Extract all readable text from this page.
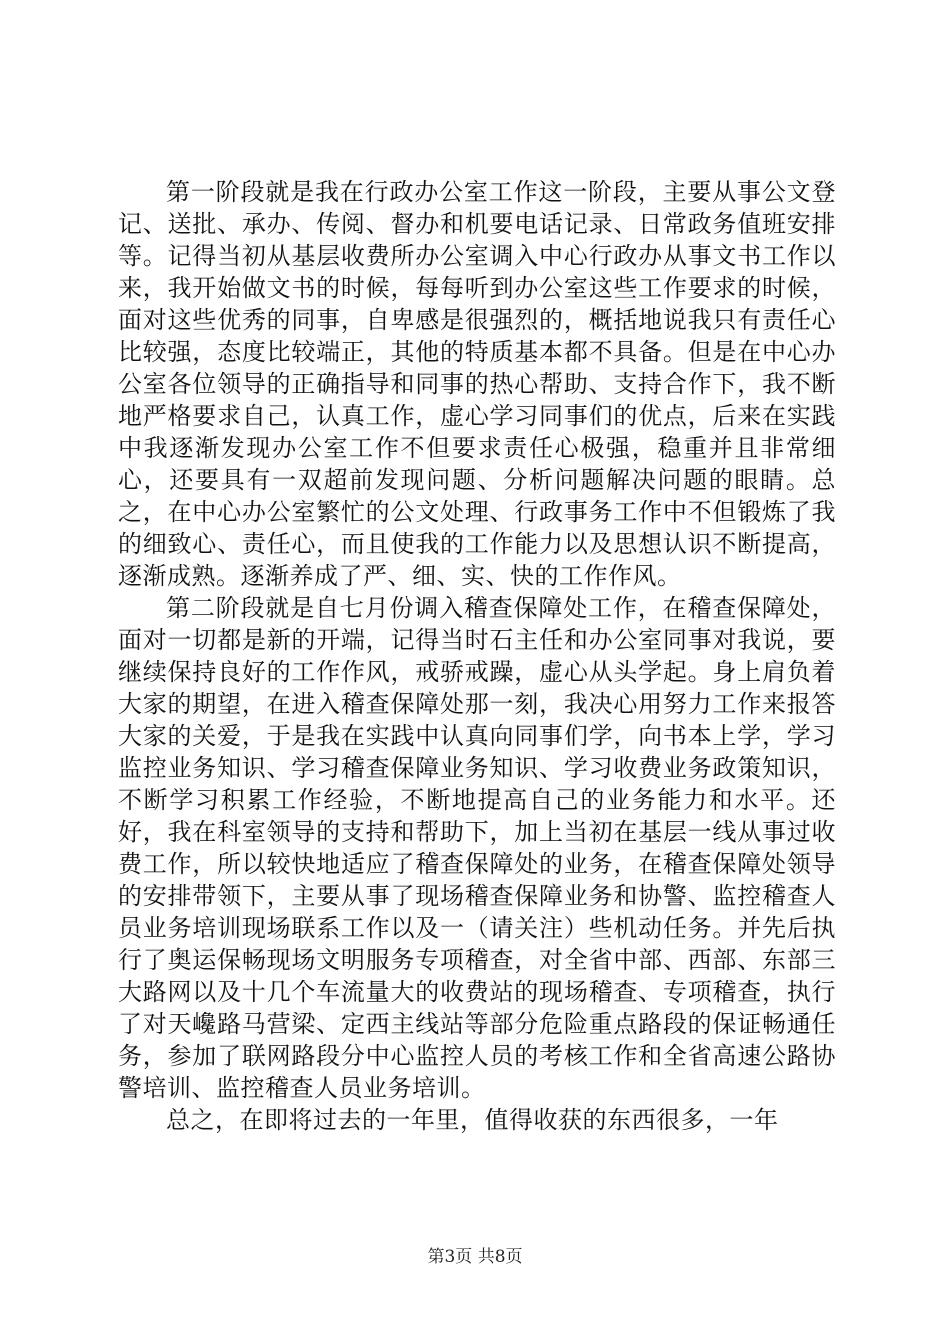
第一阶段就是我在行政办公室工作这一阶段，主要从事公文登记、送批、承办、传阅、督办和机要电话记录、日常政务值班安排等。记得当初从基层收费所办公室调入中心行政办从事文书工作以来，我开始做文书的时候，每每听到办公室这些工作要求的时候，面对这些优秀的同事，自卑感是很强烈的，概括地说我只有责任心比较强，态度比较端正，其他的特质基本都不具备。但是在中心办公室各位领导的正确指导和同事的热心帮助、支持合作下，我不断地严格要求自己，认真工作，虚心学习同事们的优点，后来在实践中我逐渐发现办公室工作不但要求责任心极强，稳重并且非常细心，还要具有一双超前发现问题、分析问题解决问题的眼睛。总之，在中心办公室繁忙的公文处理、行政事务工作中不但锻炼了我的细致心、责任心，而且使我的工作能力以及思想认识不断提高，逐渐成熟。逐渐养成了严、细、实、快的工作作风。

第二阶段就是自七月份调入稽查保障处工作，在稽查保障处，面对一切都是新的开端，记得当时石主任和办公室同事对我说，要继续保持良好的工作作风，戒骄戒躁，虚心从头学起。身上肩负着大家的期望，在进入稽查保障处那一刻，我决心用努力工作来报答大家的关爱，于是我在实践中认真向同事们学，向书本上学，学习监控业务知识、学习稽查保障业务知识、学习收费业务政策知识，不断学习积累工作经验，不断地提高自己的业务能力和水平。还好，我在科室领导的支持和帮助下，加上当初在基层一线从事过收费工作，所以较快地适应了稽查保障处的业务，在稽查保障处领导的安排带领下，主要从事了现场稽查保障业务和协警、监控稽查人员业务培训现场联系工作以及一（请关注）些机动任务。并先后执行了奥运保畅现场文明服务专项稽查，对全省中部、西部、东部三大路网以及十几个车流量大的收费站的现场稽查、专项稽查，执行了对天巉路马营梁、定西主线站等部分危险重点路段的保证畅通任务，参加了联网路段分中心监控人员的考核工作和全省高速公路协警培训、监控稽查人员业务培训。

总之，在即将过去的一年里，值得收获的东西很多，一年

第3页 共8页
